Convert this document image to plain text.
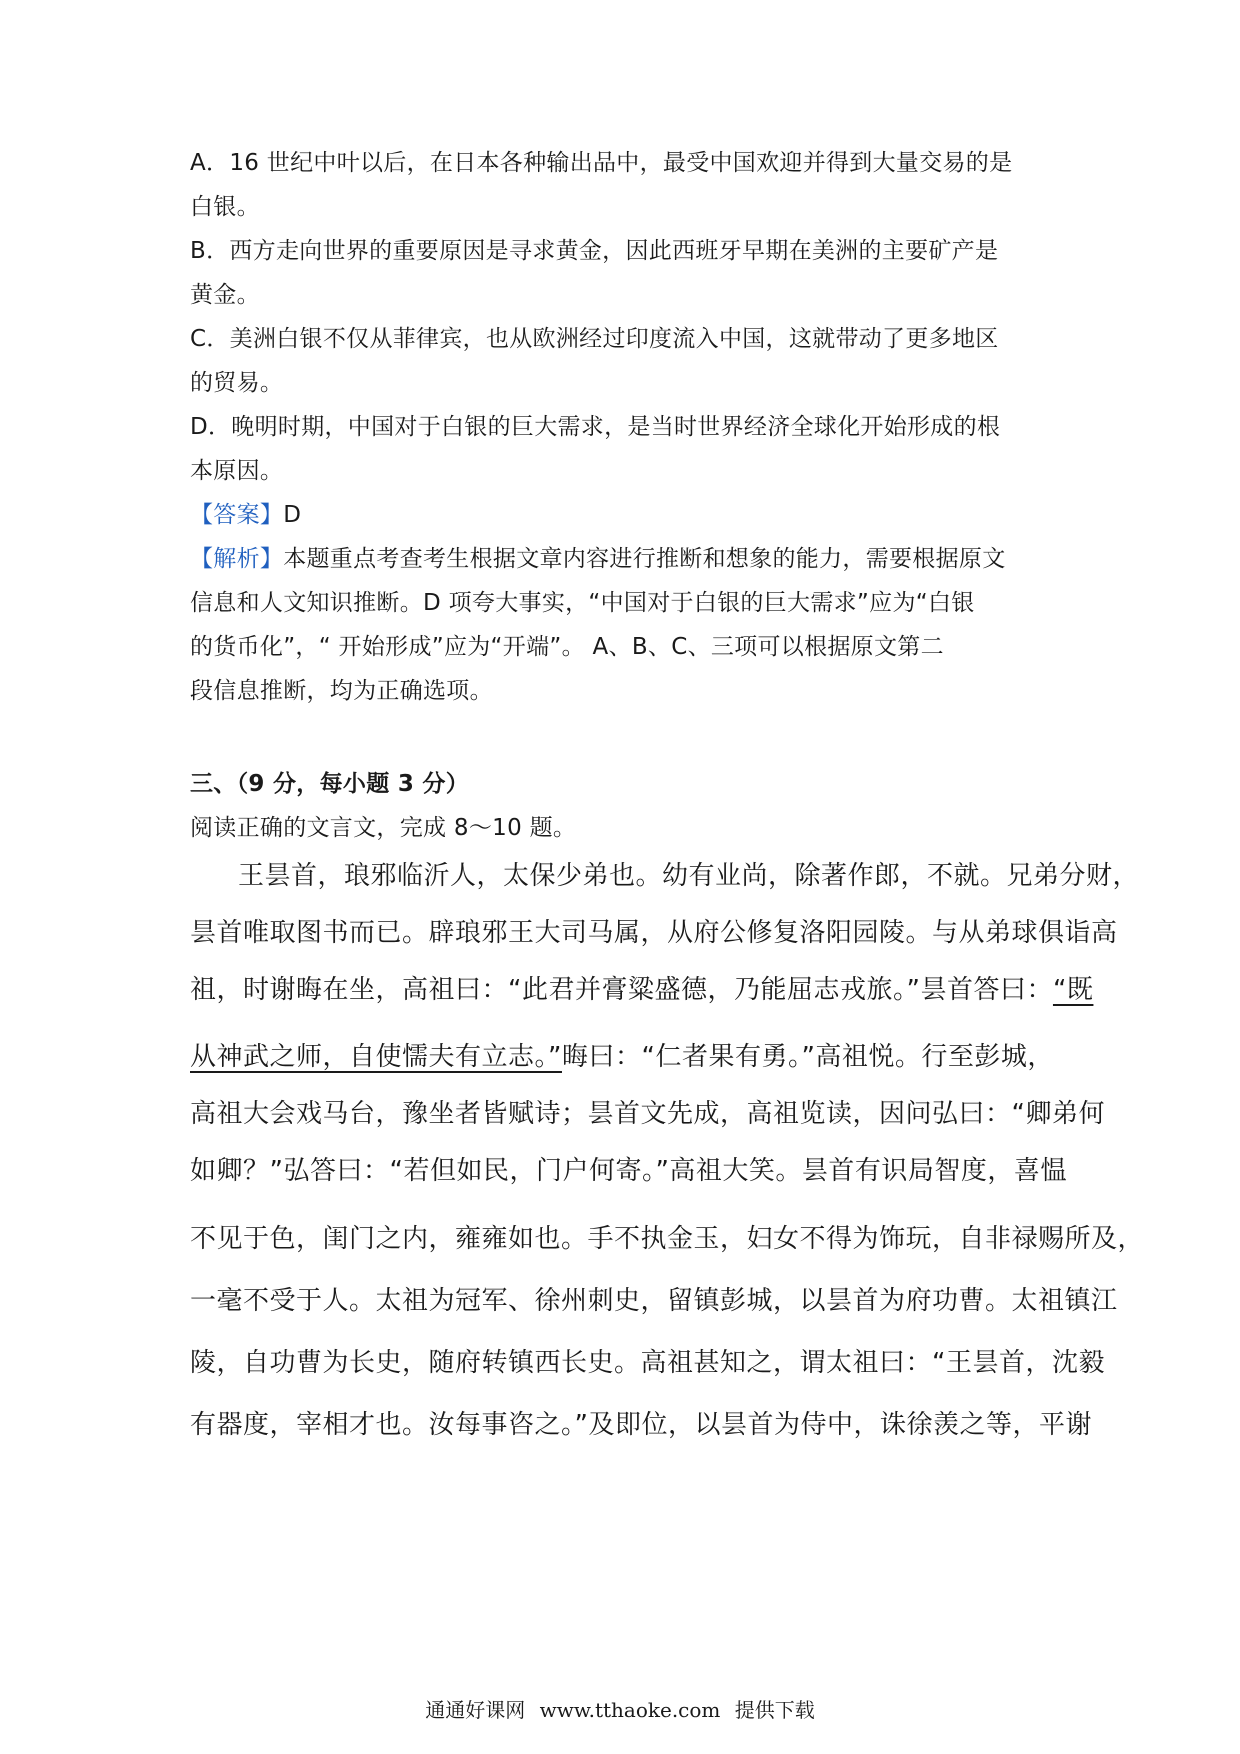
A．16 世纪中叶以后，在日本各种输出品中，最受中国欢迎并得到大量交易的是
白银。
B．西方走向世界的重要原因是寻求黄金，因此西班牙早期在美洲的主要矿产是
黄金。
C．美洲白银不仅从菲律宾，也从欧洲经过印度流入中国，这就带动了更多地区
的贸易。
D．晚明时期，中国对于白银的巨大需求，是当时世界经济全球化开始形成的根
本原因。
【答案】D
【解析】本题重点考查考生根据文章内容进行推断和想象的能力，需要根据原文
信息和人文知识推断。D 项夸大事实，“中国对于白银的巨大需求”应为“白银
的货币化”，“ 开始形成”应为“开端”。 A、B、C、三项可以根据原文第二
段信息推断，均为正确选项。
三、（9 分，每小题 3 分）
阅读正确的文言文，完成 8～10 题。
王昙首，琅邪临沂人，太保少弟也。幼有业尚，除著作郎，不就。兄弟分财，
昙首唯取图书而已。辟琅邪王大司马属，从府公修复洛阳园陵。与从弟球俱诣高
祖，时谢晦在坐，高祖曰：“此君并膏粱盛德，乃能屈志戎旅。”昙首答曰：“既
从神武之师，自使懦夫有立志。”晦曰：“仁者果有勇。”高祖悦。行至彭城，
高祖大会戏马台，豫坐者皆赋诗；昙首文先成，高祖览读，因问弘曰：“卿弟何
如卿？”弘答曰：“若但如民，门户何寄。”高祖大笑。昙首有识局智度，喜愠
不见于色，闺门之内，雍雍如也。手不执金玉，妇女不得为饰玩，自非禄赐所及，
一毫不受于人。太祖为冠军、徐州刺史，留镇彭城，以昙首为府功曹。太祖镇江
陵，自功曹为长史，随府转镇西长史。高祖甚知之，谓太祖曰：“王昙首，沈毅
有器度，宰相才也。汝每事咨之。”及即位，以昙首为侍中，诛徐羡之等，平谢
通通好课网 www.tthaoke.com 提供下载
